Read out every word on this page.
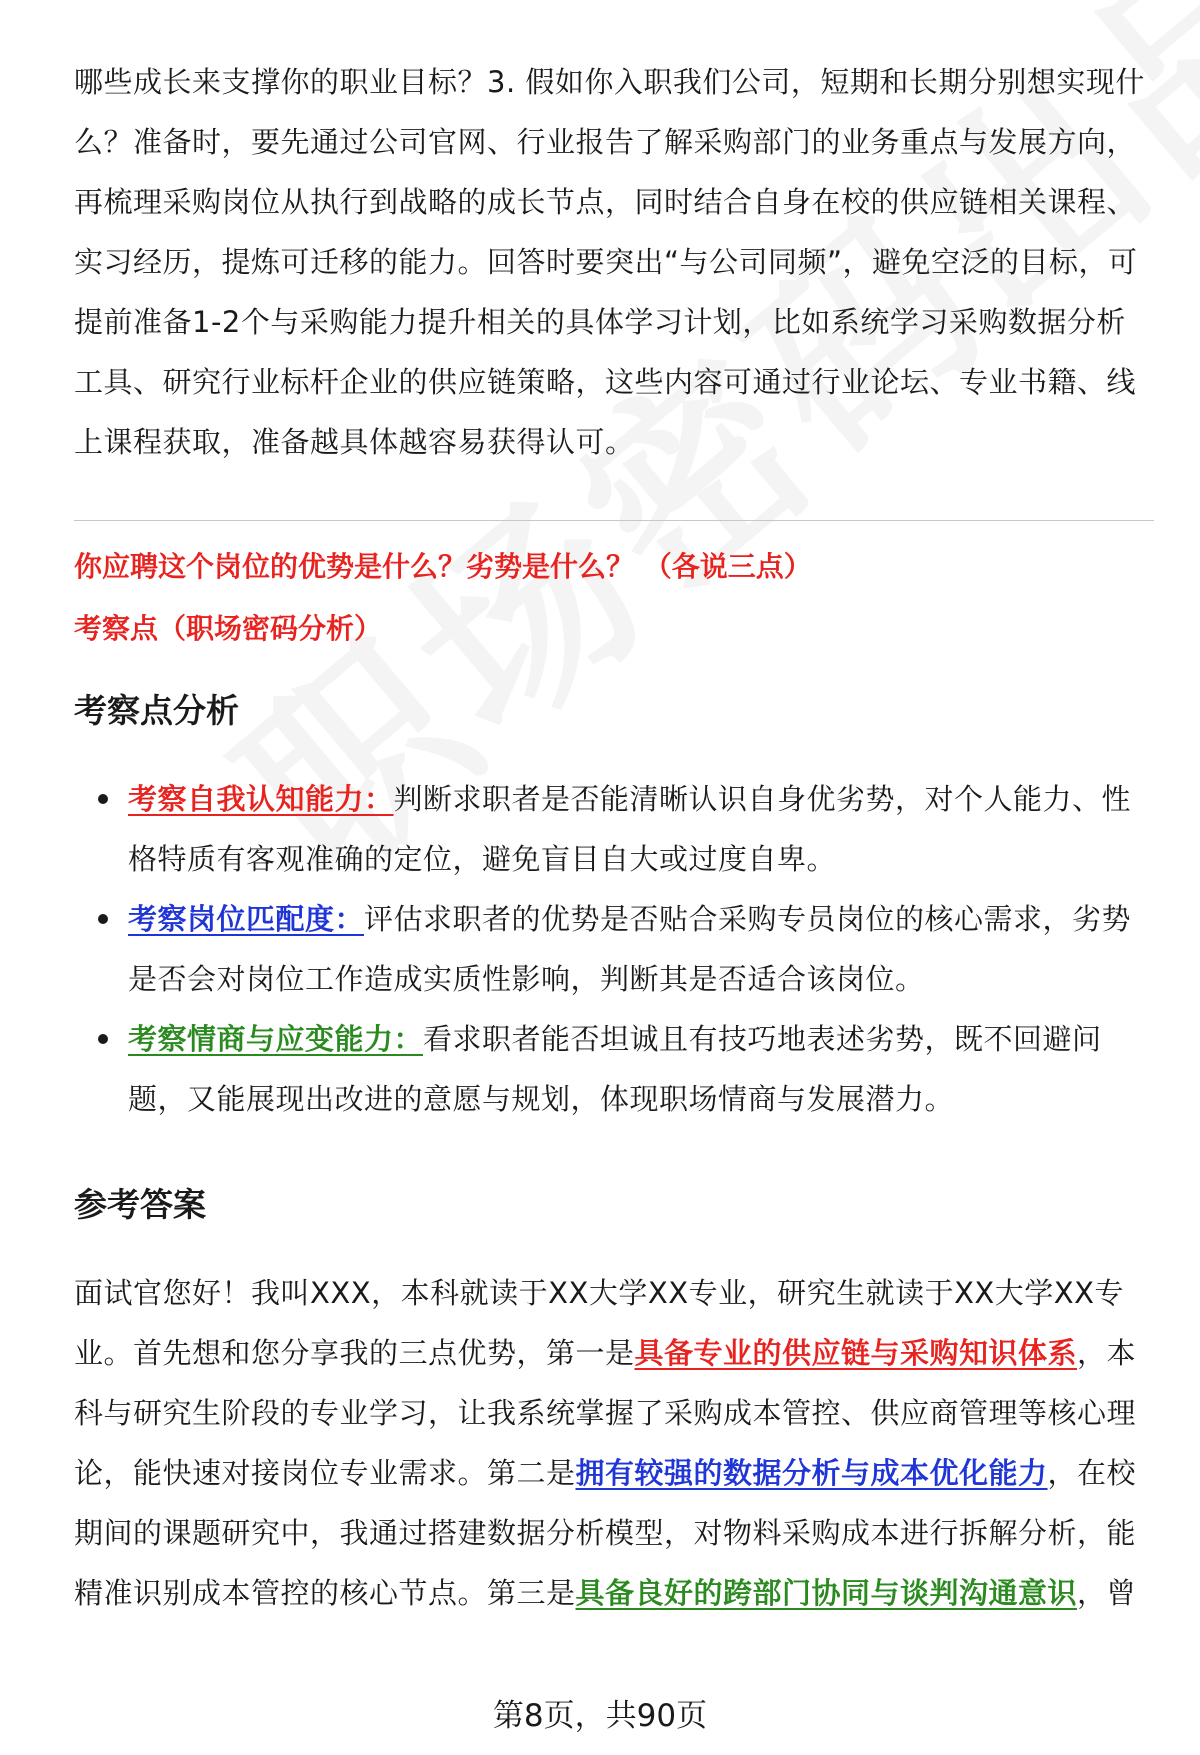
哪些成长来支撑你的职业目标？3. 假如你入职我们公司，短期和长期分别想实现什么？准备时，要先通过公司官网、行业报告了解采购部门的业务重点与发展方向，再梳理采购岗位从执行到战略的成长节点，同时结合自身在校的供应链相关课程、实习经历，提炼可迁移的能力。回答时要突出“与公司同频”，避免空泛的目标，可提前准备1-2个与采购能力提升相关的具体学习计划，比如系统学习采购数据分析工具、研究行业标杆企业的供应链策略，这些内容可通过行业论坛、专业书籍、线上课程获取，准备越具体越容易获得认可。

你应聘这个岗位的优势是什么？劣势是什么？ （各说三点）

考察点（职场密码分析）

考察点分析
考察自我认知能力：判断求职者是否能清晰认识自身优劣势，对个人能力、性格特质有客观准确的定位，避免盲目自大或过度自卑。
考察岗位匹配度：评估求职者的优势是否贴合采购专员岗位的核心需求，劣势是否会对岗位工作造成实质性影响，判断其是否适合该岗位。
考察情商与应变能力：看求职者能否坦诚且有技巧地表述劣势，既不回避问题，又能展现出改进的意愿与规划，体现职场情商与发展潜力。
参考答案

面试官您好！我叫XXX，本科就读于XX大学XX专业，研究生就读于XX大学XX专业。首先想和您分享我的三点优势，第一是具备专业的供应链与采购知识体系，本科与研究生阶段的专业学习，让我系统掌握了采购成本管控、供应商管理等核心理论，能快速对接岗位专业需求。第二是拥有较强的数据分析与成本优化能力，在校期间的课题研究中，我通过搭建数据分析模型，对物料采购成本进行拆解分析，能精准识别成本管控的核心节点。第三是具备良好的跨部门协同与谈判沟通意识，曾

第8页，共90页
